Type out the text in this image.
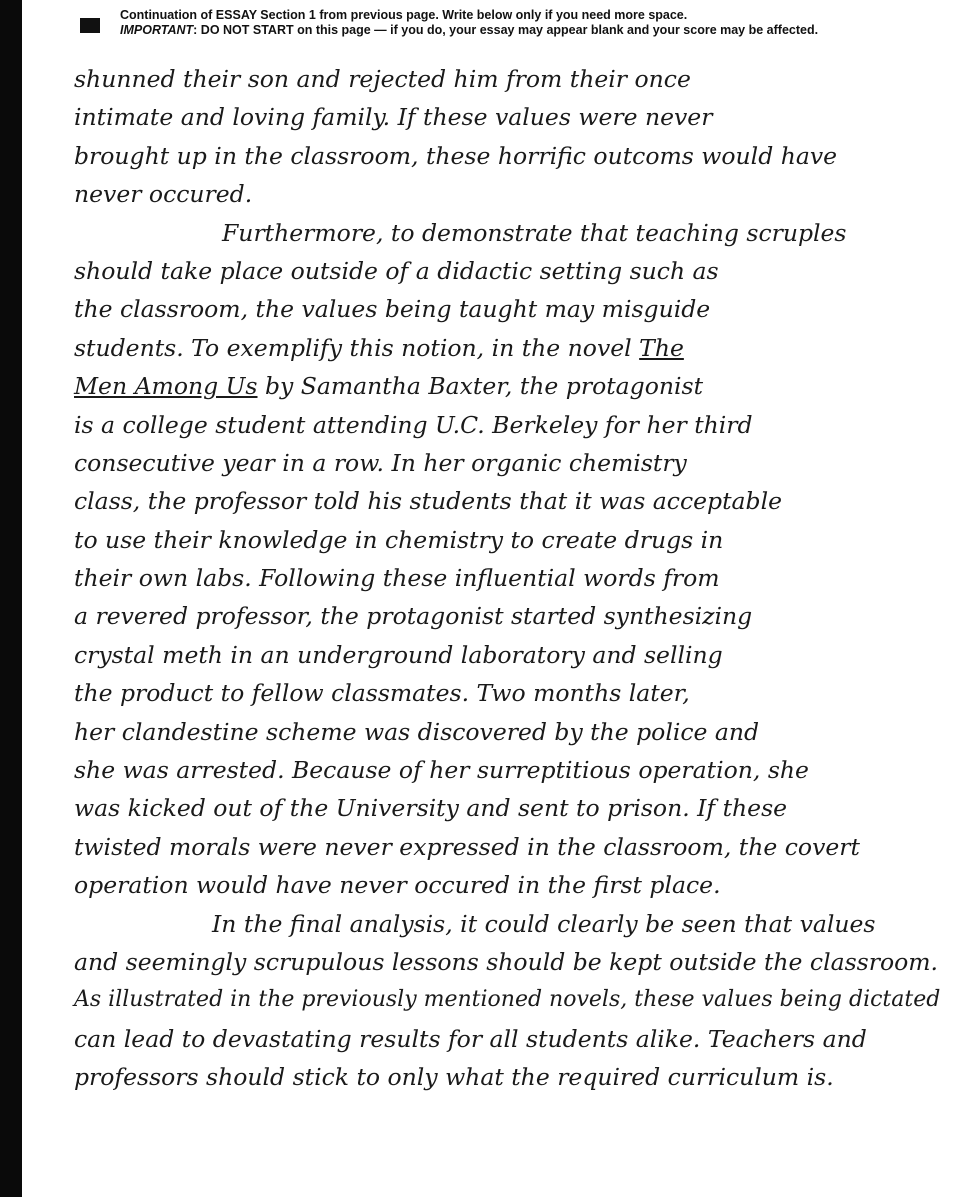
Continuation of ESSAY Section 1 from previous page. Write below only if you need more space.
IMPORTANT: DO NOT START on this page — if you do, your essay may appear blank and your score may be affected.
shunned their son and rejected him from their once
intimate and loving family. If these values were never
brought up in the classroom, these horrific outcoms would have
never occured.
Furthermore, to demonstrate that teaching scruples
should take place outside of a didactic setting such as
the classroom, the values being taught may misguide
students. To exemplify this notion, in the novel The
Men Among Us by Samantha Baxter, the protagonist
is a college student attending U.C. Berkeley for her third
consecutive year in a row. In her organic chemistry
class, the professor told his students that it was acceptable
to use their knowledge in chemistry to create drugs in
their own labs. Following these influential words from
a revered professor, the protagonist started synthesizing
crystal meth in an underground laboratory and selling
the product to fellow classmates. Two months later,
her clandestine scheme was discovered by the police and
she was arrested. Because of her surreptitious operation, she
was kicked out of the University and sent to prison. If these
twisted morals were never expressed in the classroom, the covert
operation would have never occured in the first place.
In the final analysis, it could clearly be seen that values
and seemingly scrupulous lessons should be kept outside the classroom.
As illustrated in the previously mentioned novels, these values being dictated
can lead to devastating results for all students alike. Teachers and
professors should stick to only what the required curriculum is.
